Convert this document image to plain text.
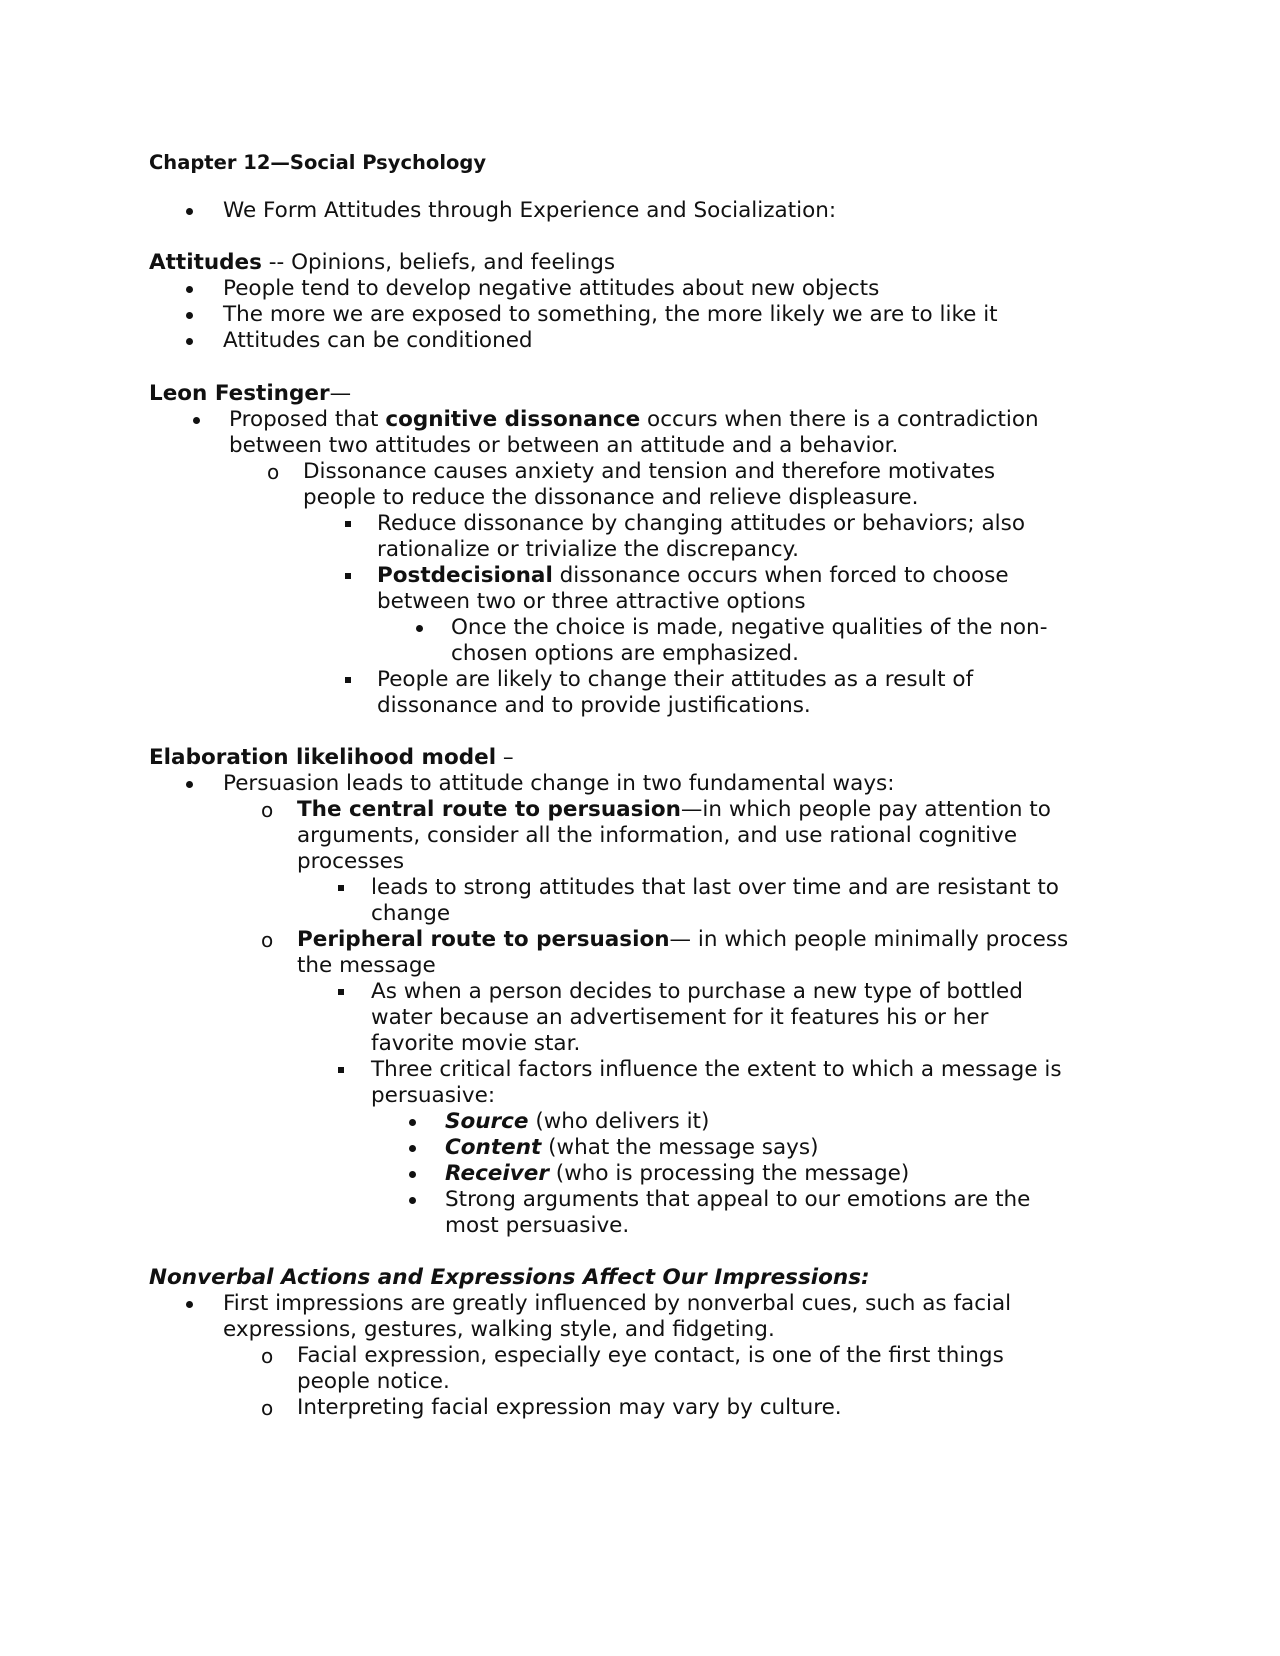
Chapter 12—Social Psychology
We Form Attitudes through Experience and Socialization:
Attitudes -- Opinions, beliefs, and feelings
People tend to develop negative attitudes about new objects
The more we are exposed to something, the more likely we are to like it
Attitudes can be conditioned
Leon Festinger—
Proposed that cognitive dissonance occurs when there is a contradiction
between two attitudes or between an attitude and a behavior.
o Dissonance causes anxiety and tension and therefore motivates
people to reduce the dissonance and relieve displeasure.
Reduce dissonance by changing attitudes or behaviors; also
rationalize or trivialize the discrepancy.
Postdecisional dissonance occurs when forced to choose
between two or three attractive options
Once the choice is made, negative qualities of the non-
chosen options are emphasized.
People are likely to change their attitudes as a result of
dissonance and to provide justifications.
Elaboration likelihood model –
Persuasion leads to attitude change in two fundamental ways:
o The central route to persuasion—in which people pay attention to
arguments, consider all the information, and use rational cognitive
processes
leads to strong attitudes that last over time and are resistant to
change
o Peripheral route to persuasion— in which people minimally process
the message
As when a person decides to purchase a new type of bottled
water because an advertisement for it features his or her
favorite movie star.
Three critical factors influence the extent to which a message is
persuasive:
Source (who delivers it)
Content (what the message says)
Receiver (who is processing the message)
Strong arguments that appeal to our emotions are the
most persuasive.
Nonverbal Actions and Expressions Affect Our Impressions:
First impressions are greatly influenced by nonverbal cues, such as facial
expressions, gestures, walking style, and fidgeting.
o Facial expression, especially eye contact, is one of the first things
people notice.
o Interpreting facial expression may vary by culture.
